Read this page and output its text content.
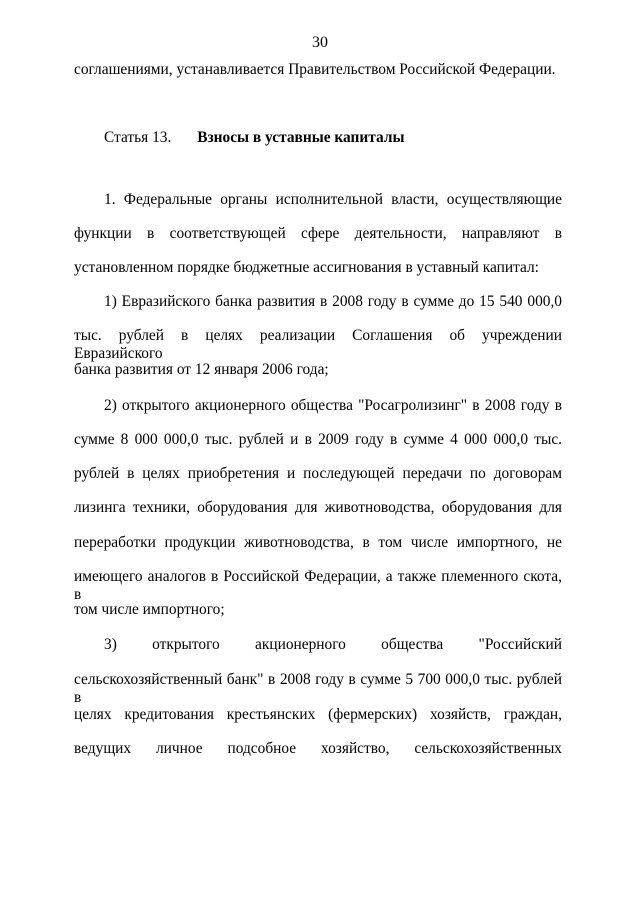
30
соглашениями, устанавливается Правительством Российской Федерации.
Статья 13. Взносы в уставные капиталы
1. Федеральные органы исполнительной власти, осуществляющие
функции в соответствующей сфере деятельности, направляют в
установленном порядке бюджетные ассигнования в уставный капитал:
1) Евразийского банка развития в 2008 году в сумме до 15 540 000,0
тыс. рублей в целях реализации Соглашения об учреждении Евразийского
банка развития от 12 января 2006 года;
2) открытого акционерного общества "Росагролизинг" в 2008 году в
сумме 8 000 000,0 тыс. рублей и в 2009 году в сумме 4 000 000,0 тыс.
рублей в целях приобретения и последующей передачи по договорам
лизинга техники, оборудования для животноводства, оборудования для
переработки продукции животноводства, в том числе импортного, не
имеющего аналогов в Российской Федерации, а также племенного скота, в
том числе импортного;
3) открытого акционерного общества "Российский
сельскохозяйственный банк" в 2008 году в сумме 5 700 000,0 тыс. рублей в
целях кредитования крестьянских (фермерских) хозяйств, граждан,
ведущих личное подсобное хозяйство, сельскохозяйственных
